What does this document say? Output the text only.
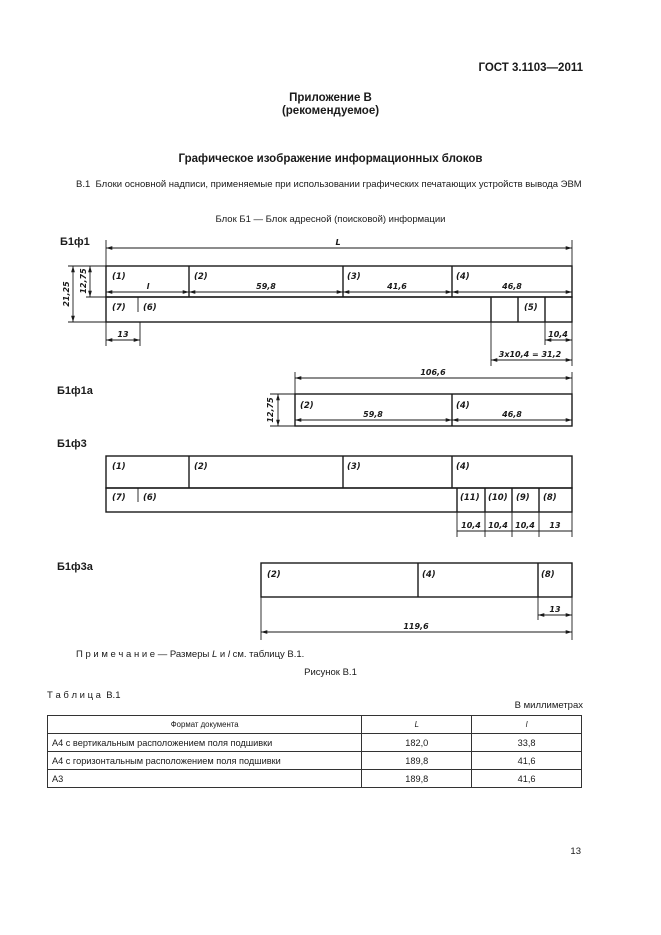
ГОСТ 3.1103—2011
Приложение В
(рекомендуемое)
Графическое изображение информационных блоков
В.1 Блоки основной надписи, применяемые при использовании графических печатающих устройств вывода ЭВМ
Блок Б1 — Блок адресной (поисковой) информации
Б1ф1
Б1ф1а
Б1ф3
Б1ф3а
(1)	(2)	(3)	(4)
(7) (6)	(5)
L
l	59,8	41,6	46,8
13	10,4
3х10,4 = 31,2
12,75
21,25
(2)	(4)
106,6
59,8	46,8
12,75
(1)	(2)	(3)	(4)
(7) (6)	(11) (10) (9) (8)
10,4 10,4 10,4 13
(2)	(4)	(8)
13
119,6
П р и м е ч а н и е — Размеры L и l см. таблицу В.1.
Рисунок В.1
Т а б л и ц а  В.1
В миллиметрах
Формат документа	L	l
А4 с вертикальным расположением поля подшивки	182,0	33,8
А4 с горизонтальным расположением поля подшивки	189,8	41,6
А3	189,8	41,6
13
